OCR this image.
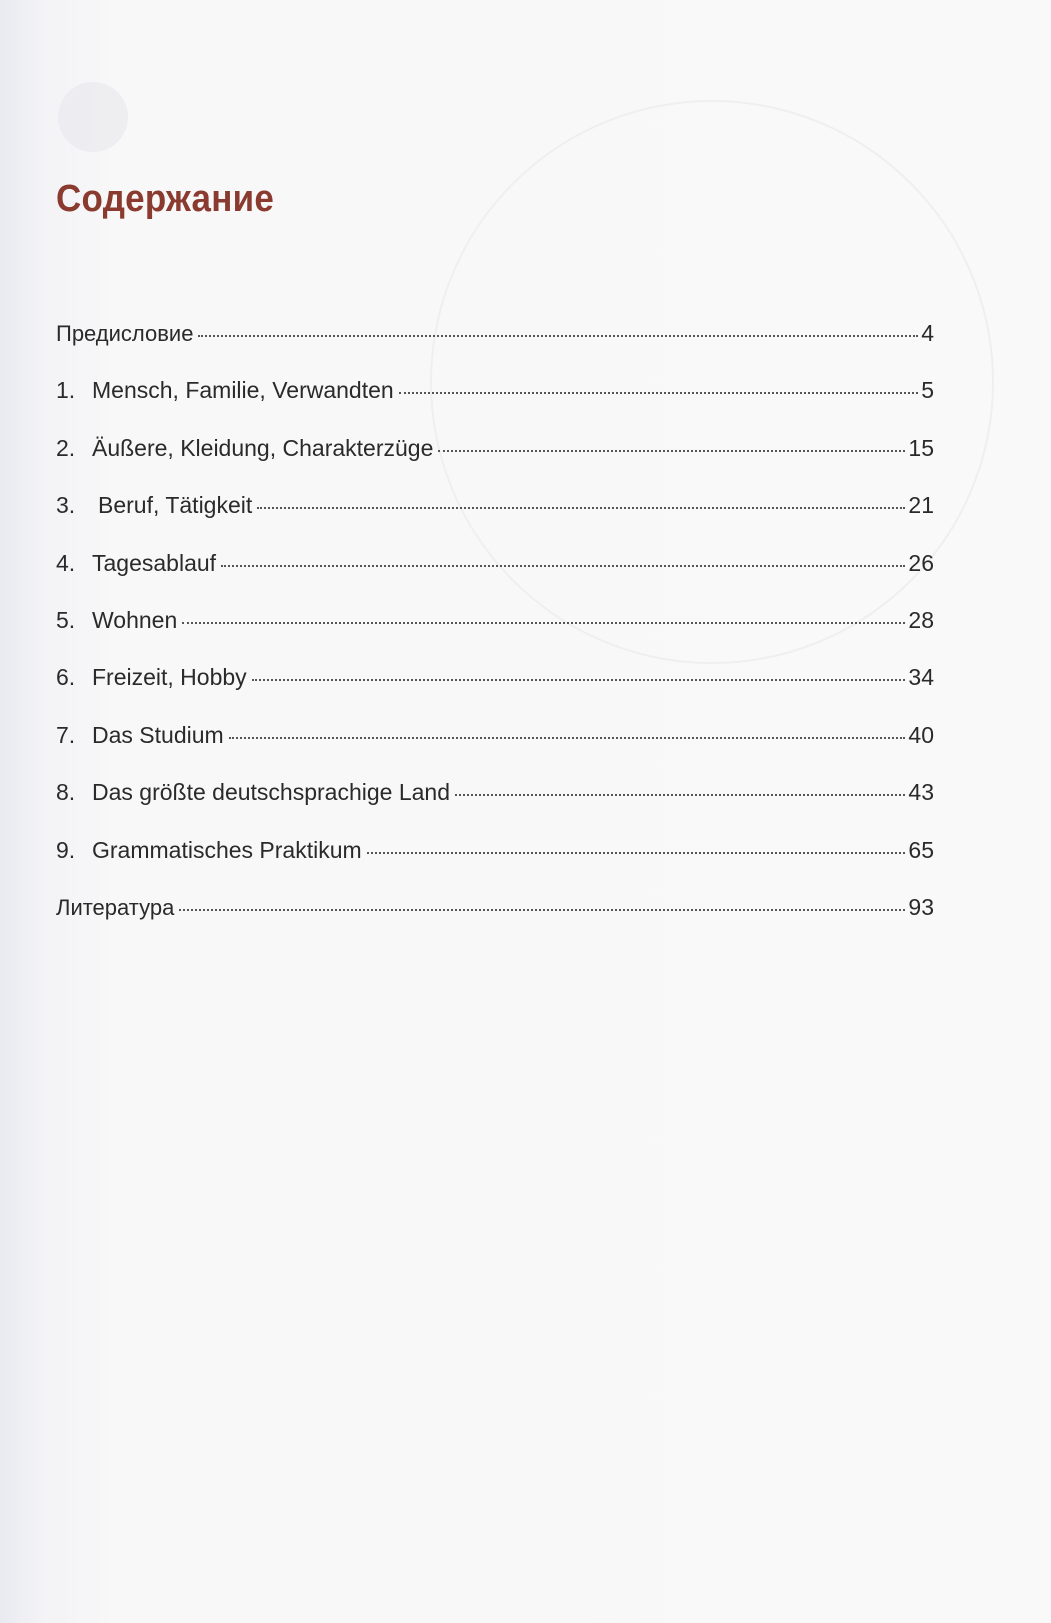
Содержание
Предисловие	4
1. Mensch, Familie, Verwandten	5
2. Äußere, Kleidung, Charakterzüge	15
3. Beruf, Tätigkeit	21
4. Tagesablauf	26
5. Wohnen	28
6. Freizeit, Hobby	34
7. Das Studium	40
8. Das größte deutschsprachige Land	43
9. Grammatisches Praktikum	65
Литература	93
